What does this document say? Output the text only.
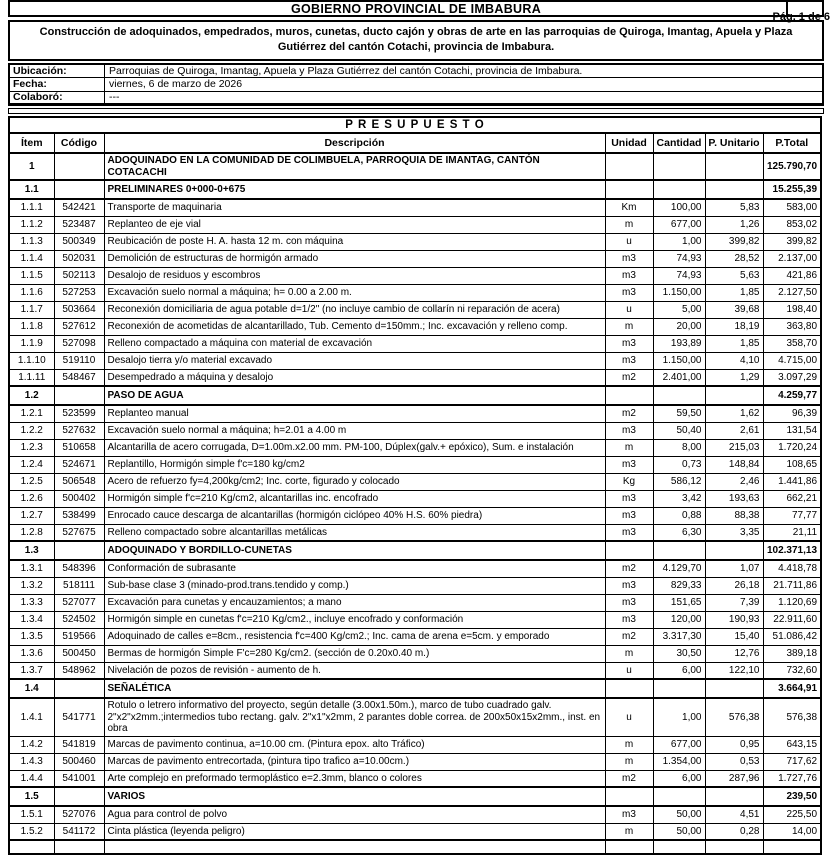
Pág. 1 de 6
GOBIERNO PROVINCIAL DE IMBABURA
Construcción de adoquinados, empedrados, muros, cunetas, ducto cajón y obras de arte en las parroquias de Quiroga, Imantag, Apuela y Plaza Gutiérrez del cantón Cotachi, provincia de Imbabura.
Ubicación:	Parroquias de Quiroga, Imantag, Apuela y Plaza Gutiérrez del cantón Cotachi, provincia de Imbabura.
Fecha:	viernes, 6 de marzo de 2026
Colaboró:	---
P R E S U P U E S T O						
Ítem	Código	Descripción	Unidad	Cantidad	P. Unitario	P.Total
1		ADOQUINADO EN LA COMUNIDAD DE COLIMBUELA, PARROQUIA DE IMANTAG, CANTÓN COTACACHI				125.790,70
1.1		PRELIMINARES 0+000-0+675				15.255,39
1.1.1	542421	Transporte de maquinaria	Km	100,00	5,83	583,00
1.1.2	523487	Replanteo de eje vial	m	677,00	1,26	853,02
1.1.3	500349	Reubicación de poste H. A. hasta 12 m. con máquina	u	1,00	399,82	399,82
1.1.4	502031	Demolición de estructuras de hormigón armado	m3	74,93	28,52	2.137,00
1.1.5	502113	Desalojo de residuos y escombros	m3	74,93	5,63	421,86
1.1.6	527253	Excavación suelo normal a máquina; h= 0.00 a 2.00 m.	m3	1.150,00	1,85	2.127,50
1.1.7	503664	Reconexión domiciliaria de agua potable d=1/2" (no incluye cambio de collarín ni reparación de acera)	u	5,00	39,68	198,40
1.1.8	527612	Reconexión de acometidas de alcantarillado, Tub. Cemento d=150mm.; Inc. excavación y relleno comp.	m	20,00	18,19	363,80
1.1.9	527098	Relleno compactado a máquina con material de excavación	m3	193,89	1,85	358,70
1.1.10	519110	Desalojo tierra y/o material excavado	m3	1.150,00	4,10	4.715,00
1.1.11	548467	Desempedrado a máquina y desalojo	m2	2.401,00	1,29	3.097,29
1.2		PASO DE AGUA				4.259,77
1.2.1	523599	Replanteo manual	m2	59,50	1,62	96,39
1.2.2	527632	Excavación suelo normal a máquina; h=2.01 a 4.00 m	m3	50,40	2,61	131,54
1.2.3	510658	Alcantarilla de acero corrugada, D=1.00m.x2.00 mm. PM-100, Dúplex(galv.+ epóxico), Sum. e instalación	m	8,00	215,03	1.720,24
1.2.4	524671	Replantillo, Hormigón simple f'c=180 kg/cm2	m3	0,73	148,84	108,65
1.2.5	506548	Acero de refuerzo fy=4,200kg/cm2; Inc. corte, figurado y colocado	Kg	586,12	2,46	1.441,86
1.2.6	500402	Hormigón simple f'c=210 Kg/cm2, alcantarillas inc. encofrado	m3	3,42	193,63	662,21
1.2.7	538499	Enrocado cauce descarga de alcantarillas (hormigón ciclópeo 40% H.S. 60% piedra)	m3	0,88	88,38	77,77
1.2.8	527675	Relleno compactado sobre alcantarillas metálicas	m3	6,30	3,35	21,11
1.3		ADOQUINADO Y BORDILLO-CUNETAS				102.371,13
1.3.1	548396	Conformación de subrasante	m2	4.129,70	1,07	4.418,78
1.3.2	518111	Sub-base clase 3 (minado-prod.trans.tendido y comp.)	m3	829,33	26,18	21.711,86
1.3.3	527077	Excavación para cunetas y encauzamientos; a mano	m3	151,65	7,39	1.120,69
1.3.4	524502	Hormigón simple en cunetas f'c=210 Kg/cm2., incluye encofrado y conformación	m3	120,00	190,93	22.911,60
1.3.5	519566	Adoquinado de calles e=8cm., resistencia f'c=400 Kg/cm2.; Inc. cama de arena e=5cm. y emporado	m2	3.317,30	15,40	51.086,42
1.3.6	500450	Bermas de hormigón Simple F'c=280 Kg/cm2. (sección de 0.20x0.40 m.)	m	30,50	12,76	389,18
1.3.7	548962	Nivelación de pozos de revisión - aumento de h.	u	6,00	122,10	732,60
1.4		SEÑALÉTICA				3.664,91
1.4.1	541771	Rotulo o letrero informativo del proyecto, según detalle (3.00x1.50m.), marco de tubo cuadrado galv. 2"x2"x2mm.;intermedios tubo rectang. galv. 2"x1"x2mm, 2 parantes doble correa. de 200x50x15x2mm., inst. en obra	u	1,00	576,38	576,38
1.4.2	541819	Marcas de pavimento continua, a=10.00 cm. (Pintura epox. alto Tráfico)	m	677,00	0,95	643,15
1.4.3	500460	Marcas de pavimento entrecortada, (pintura tipo trafico a=10.00cm.)	m	1.354,00	0,53	717,62
1.4.4	541001	Arte complejo en preformado termoplástico e=2.3mm, blanco o colores	m2	6,00	287,96	1.727,76
1.5		VARIOS				239,50
1.5.1	527076	Agua para control de polvo	m3	50,00	4,51	225,50
1.5.2	541172	Cinta plástica (leyenda peligro)	m	50,00	0,28	14,00
